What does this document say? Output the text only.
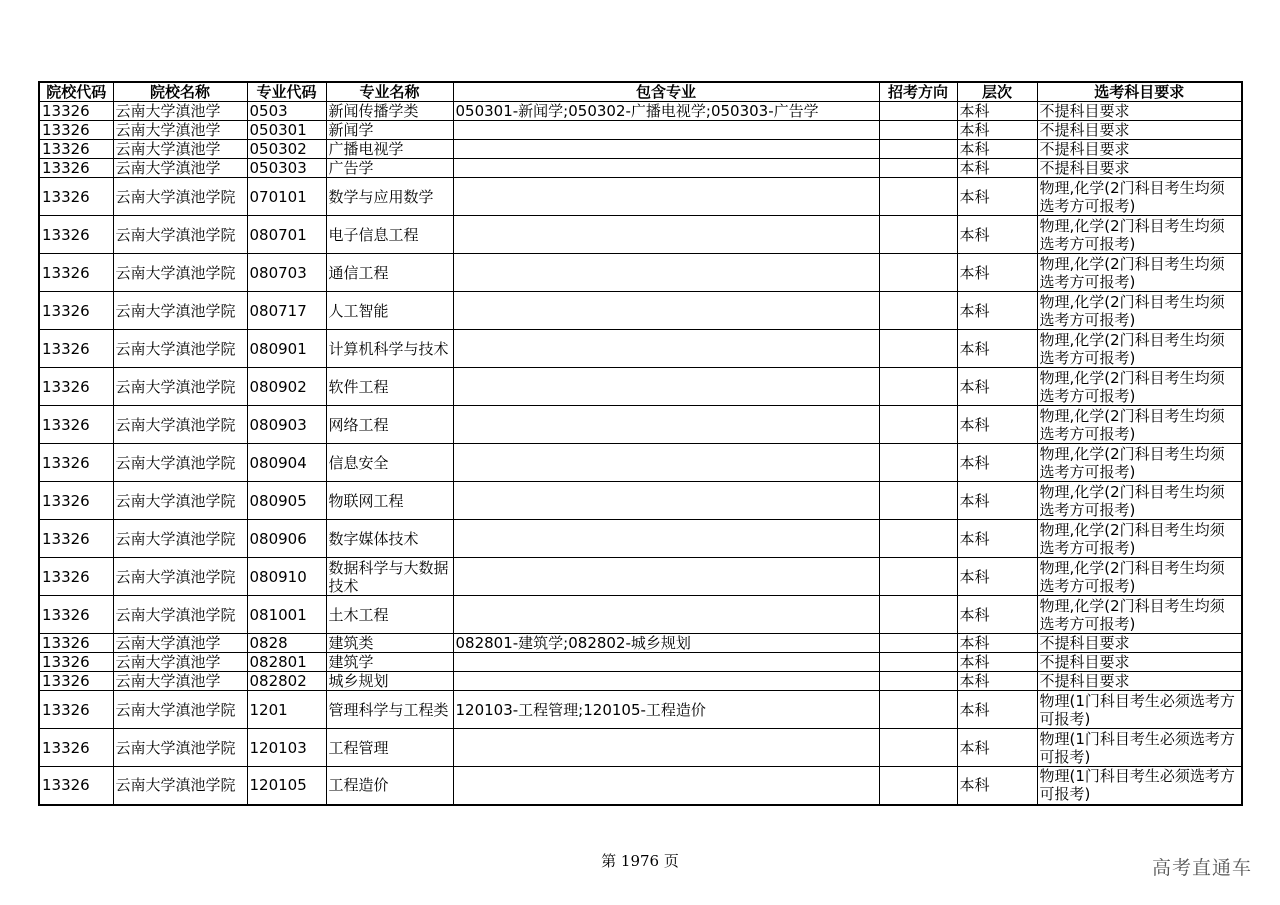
院校代码	院校名称	专业代码	专业名称	包含专业	招考方向	层次	选考科目要求
13326	云南大学滇池学	0503	新闻传播学类	050301-新闻学;050302-广播电视学;050303-广告学		本科	不提科目要求
13326	云南大学滇池学	050301	新闻学			本科	不提科目要求
13326	云南大学滇池学	050302	广播电视学			本科	不提科目要求
13326	云南大学滇池学	050303	广告学			本科	不提科目要求
13326	云南大学滇池学院	070101	数学与应用数学			本科	物理,化学(2门科目考生均须选考方可报考)
13326	云南大学滇池学院	080701	电子信息工程			本科	物理,化学(2门科目考生均须选考方可报考)
13326	云南大学滇池学院	080703	通信工程			本科	物理,化学(2门科目考生均须选考方可报考)
13326	云南大学滇池学院	080717	人工智能			本科	物理,化学(2门科目考生均须选考方可报考)
13326	云南大学滇池学院	080901	计算机科学与技术			本科	物理,化学(2门科目考生均须选考方可报考)
13326	云南大学滇池学院	080902	软件工程			本科	物理,化学(2门科目考生均须选考方可报考)
13326	云南大学滇池学院	080903	网络工程			本科	物理,化学(2门科目考生均须选考方可报考)
13326	云南大学滇池学院	080904	信息安全			本科	物理,化学(2门科目考生均须选考方可报考)
13326	云南大学滇池学院	080905	物联网工程			本科	物理,化学(2门科目考生均须选考方可报考)
13326	云南大学滇池学院	080906	数字媒体技术			本科	物理,化学(2门科目考生均须选考方可报考)
13326	云南大学滇池学院	080910	数据科学与大数据技术			本科	物理,化学(2门科目考生均须选考方可报考)
13326	云南大学滇池学院	081001	土木工程			本科	物理,化学(2门科目考生均须选考方可报考)
13326	云南大学滇池学	0828	建筑类	082801-建筑学;082802-城乡规划		本科	不提科目要求
13326	云南大学滇池学	082801	建筑学			本科	不提科目要求
13326	云南大学滇池学	082802	城乡规划			本科	不提科目要求
13326	云南大学滇池学院	1201	管理科学与工程类	120103-工程管理;120105-工程造价		本科	物理(1门科目考生必须选考方可报考)
13326	云南大学滇池学院	120103	工程管理			本科	物理(1门科目考生必须选考方可报考)
13326	云南大学滇池学院	120105	工程造价			本科	物理(1门科目考生必须选考方可报考)
第 1976 页	高考直通车
